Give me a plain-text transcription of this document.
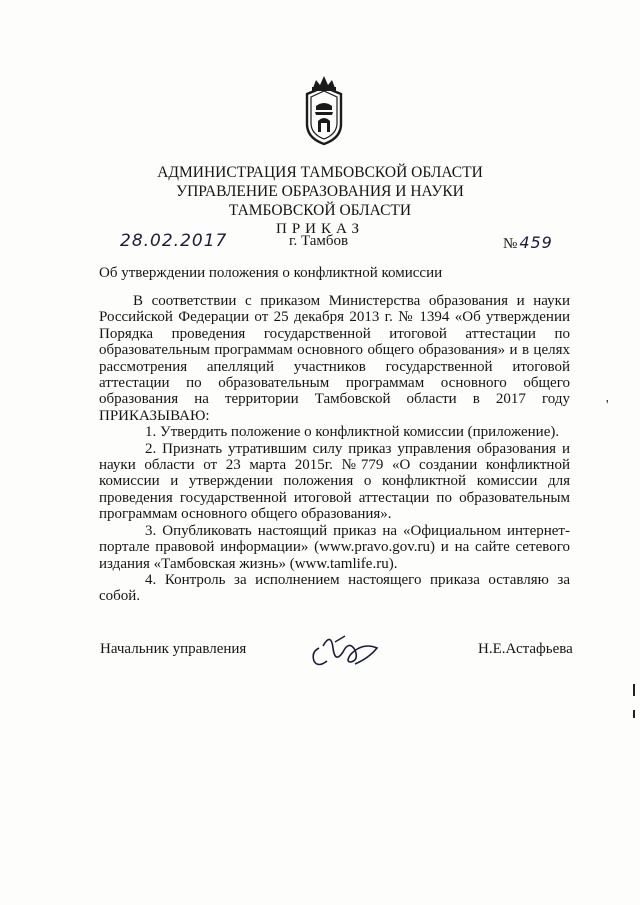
АДМИНИСТРАЦИЯ ТАМБОВСКОЙ ОБЛАСТИ
УПРАВЛЕНИЕ ОБРАЗОВАНИЯ И НАУКИ
ТАМБОВСКОЙ ОБЛАСТИ
ПРИКАЗ
28.02.2017	г. Тамбов	№ 459
Об утверждении положения о конфликтной комиссии

В соответствии с приказом Министерства образования и науки Российской Федерации от 25 декабря 2013 г. № 1394 «Об утверждении Порядка проведения государственной итоговой аттестации по образовательным программам основного общего образования» и в целях рассмотрения апелляций участников государственной итоговой аттестации по образовательным программам основного общего образования на территории Тамбовской области в 2017 году ПРИКАЗЫВАЮ:

1. Утвердить положение о конфликтной комиссии (приложение).

2. Признать утратившим силу приказ управления образования и науки области от 23 марта 2015г. №779 «О создании конфликтной комиссии и утверждении положения о конфликтной комиссии для проведения государственной итоговой аттестации по образовательным программам основного общего образования».

3. Опубликовать настоящий приказ на «Официальном интернет-портале правовой информации» (www.pravo.gov.ru) и на сайте сетевого издания «Тамбовская жизнь» (www.tamlife.ru).

4. Контроль за исполнением настоящего приказа оставляю за собой.

'
Начальник управления	Н.Е.Астафьева
